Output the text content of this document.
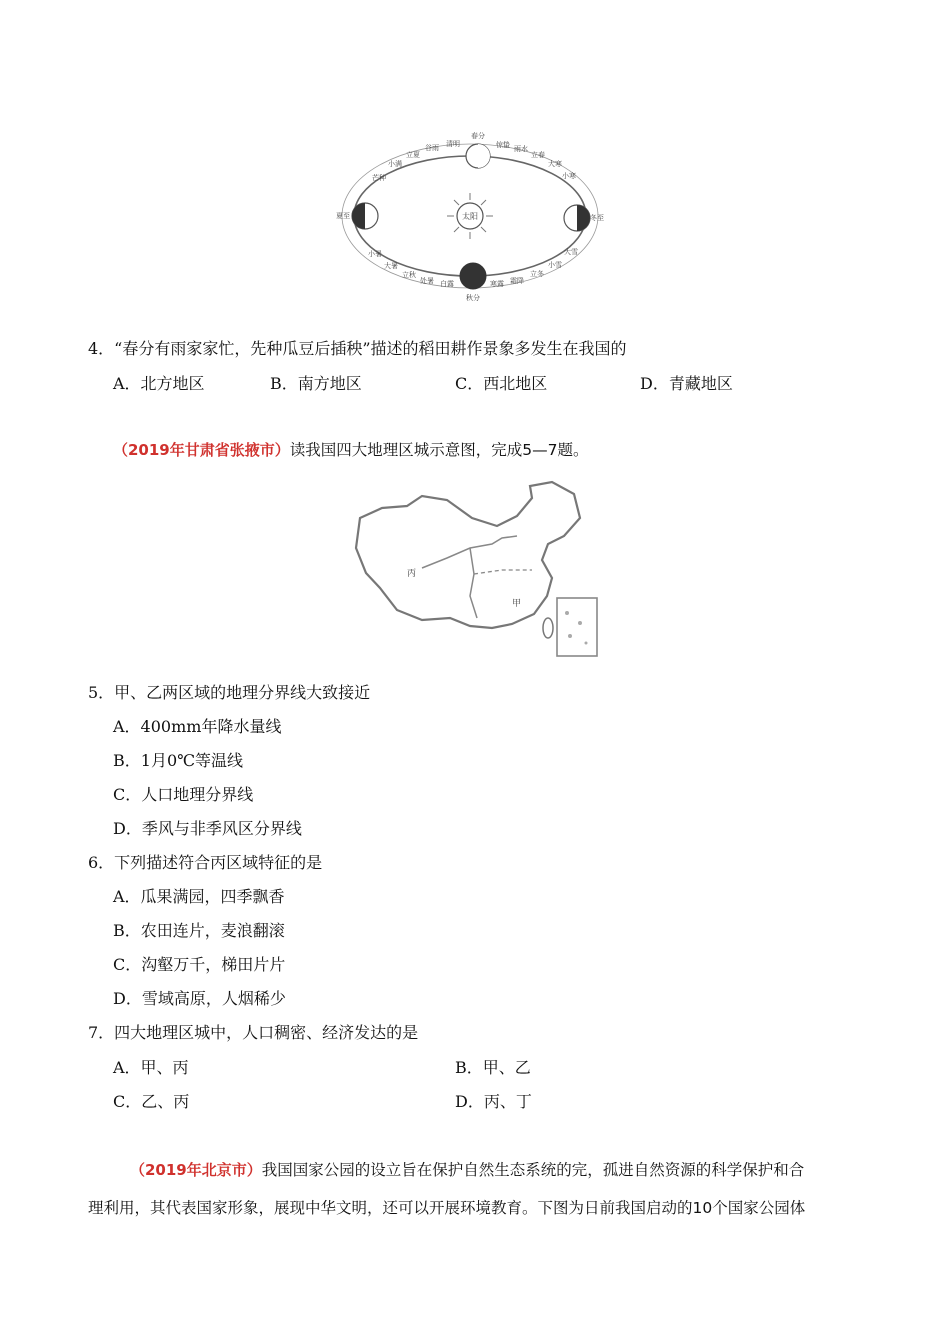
太阳
春分
清明
谷雨
立夏
小满
芒种
夏至
小暑
大暑
立秋
处暑 白露
秋分
寒露 霜降
立冬
小雪
大雪
冬至
小寒
大寒
立春
雨水
惊蛰
4．“春分有雨家家忙，先种瓜豆后插秧”描述的稻田耕作景象多发生在我国的
A．北方地区	B．南方地区	C．西北地区	D．青藏地区
（2019年甘肃省张掖市）读我国四大地理区城示意图，完成5—7题。
丙
甲
5．甲、乙两区域的地理分界线大致接近
A．400mm年降水量线
B．1月0℃等温线
C．人口地理分界线
D．季风与非季风区分界线
6．下列描述符合丙区域特征的是
A．瓜果满园，四季飘香
B．农田连片，麦浪翻滚
C．沟壑万千，梯田片片
D．雪域高原，人烟稀少
7．四大地理区城中，人口稠密、经济发达的是
A．甲、丙	B．甲、乙
C．乙、丙	D．丙、丁
（2019年北京市）我国国家公园的设立旨在保护自然生态系统的完，孤进自然资源的科学保护和合
理利用，其代表国家形象，展现中华文明，还可以开展环境教育。下图为日前我国启动的10个国家公园体
